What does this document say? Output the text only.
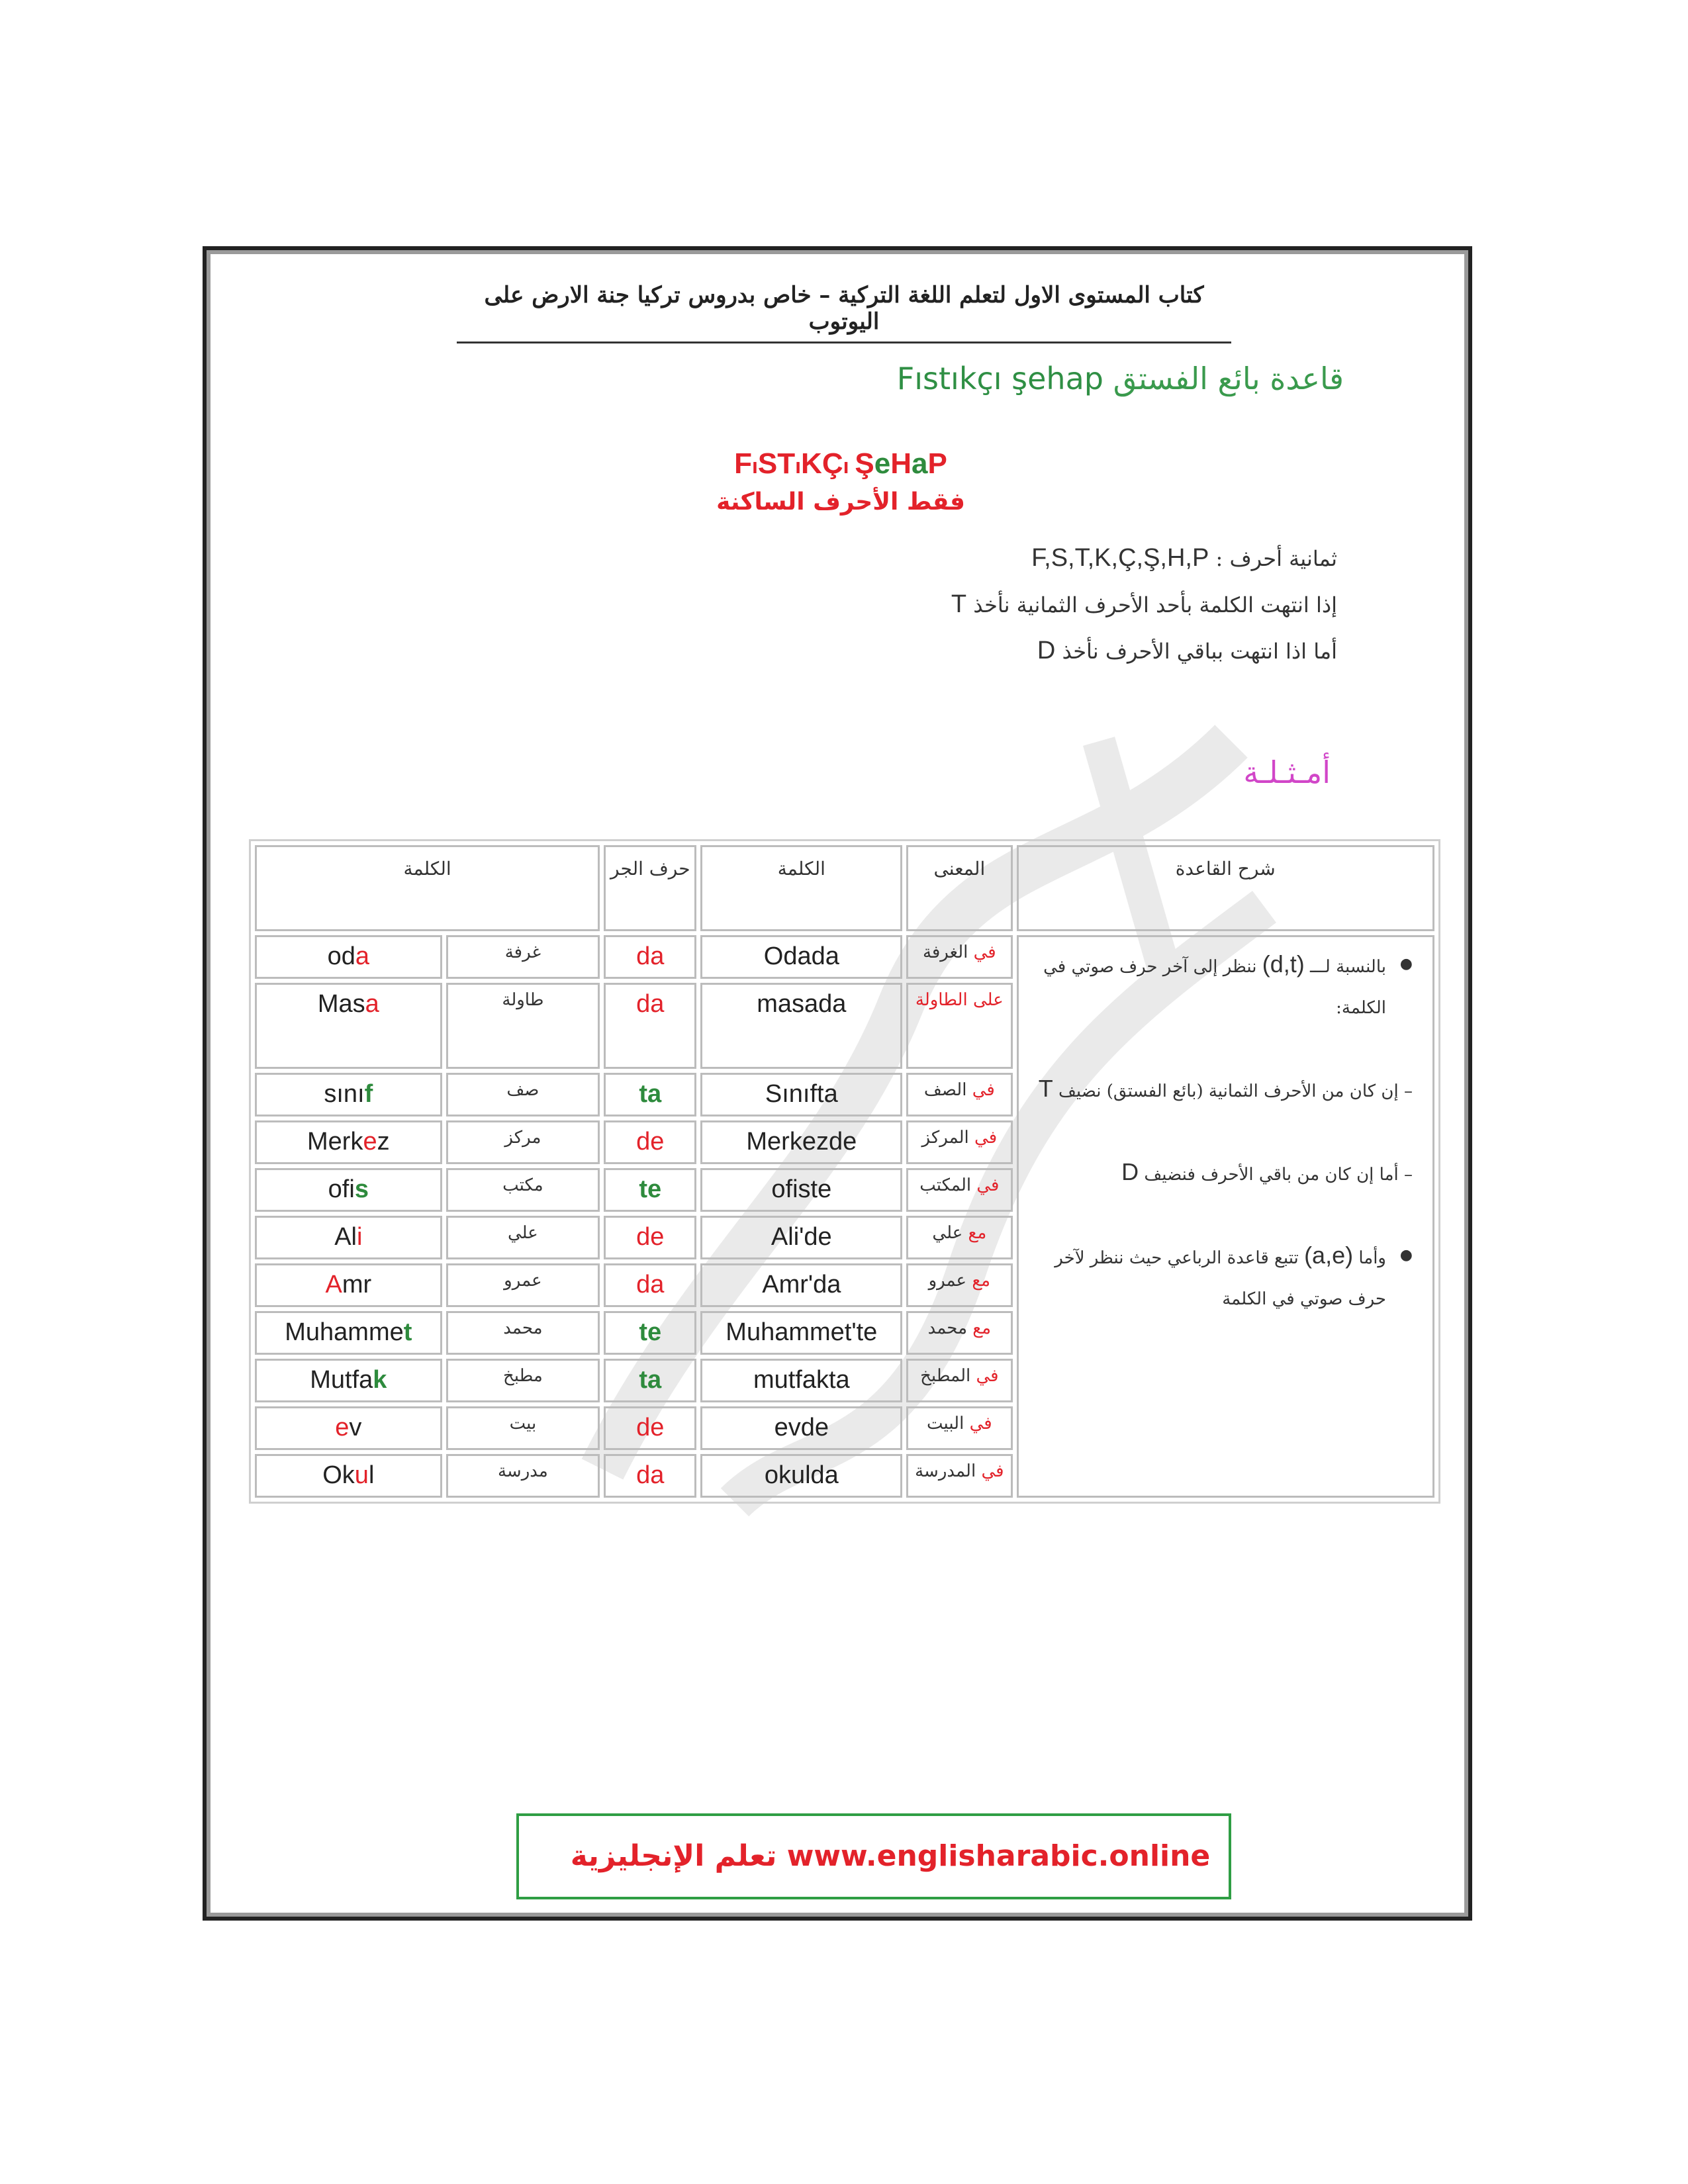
كتاب المستوى الاول لتعلم اللغة التركية – خاص بدروس تركيا جنة الارض على اليوتوب
قاعدة بائع الفستق Fıstıkçı şehap
FıSTıKÇı ŞeHaP
فقط الأحرف الساكنة
ثمانية أحرف : F,S,T,K,Ç,Ş,H,P
إذا انتهت الكلمة بأحد الأحرف الثمانية نأخذ T
أما اذا انتهت بباقي الأحرف نأخذ D
أمـثـلـة
الكلمة		حرف الجر	الكلمة	المعنى	شرح القاعدة
oda	غرفة	da	Odada	في الغرفة	● بالنسبة لـــ (d,t) ننظر إلى آخر حرف صوتي في الكلمة:

– إن كان من الأحرف الثمانية (بائع الفستق) نضيف T

– أما إن كان من باقي الأحرف فنضيف D

● وأما (a,e) تتبع قاعدة الرباعي حيث ننظر لآخر حرف صوتي في الكلمة

Masa	طاولة	da	masada	على الطاولة	
sınıf	صف	ta	Sınıfta	في الصف	
Merkez	مركز	de	Merkezde	في المركز	
ofis	مكتب	te	ofiste	في المكتب	
Ali	علي	de	Ali'de	مع علي	
Amr	عمرو	da	Amr'da	مع عمرو	
Muhammet	محمد	te	Muhammet'te	مع محمد	
Mutfak	مطبخ	ta	mutfakta	في المطبخ	
ev	بيت	de	evde	في البيت	
Okul	مدرسة	da	okulda	في المدرسة	
تعلم الإنجليزية www.englisharabic.online
